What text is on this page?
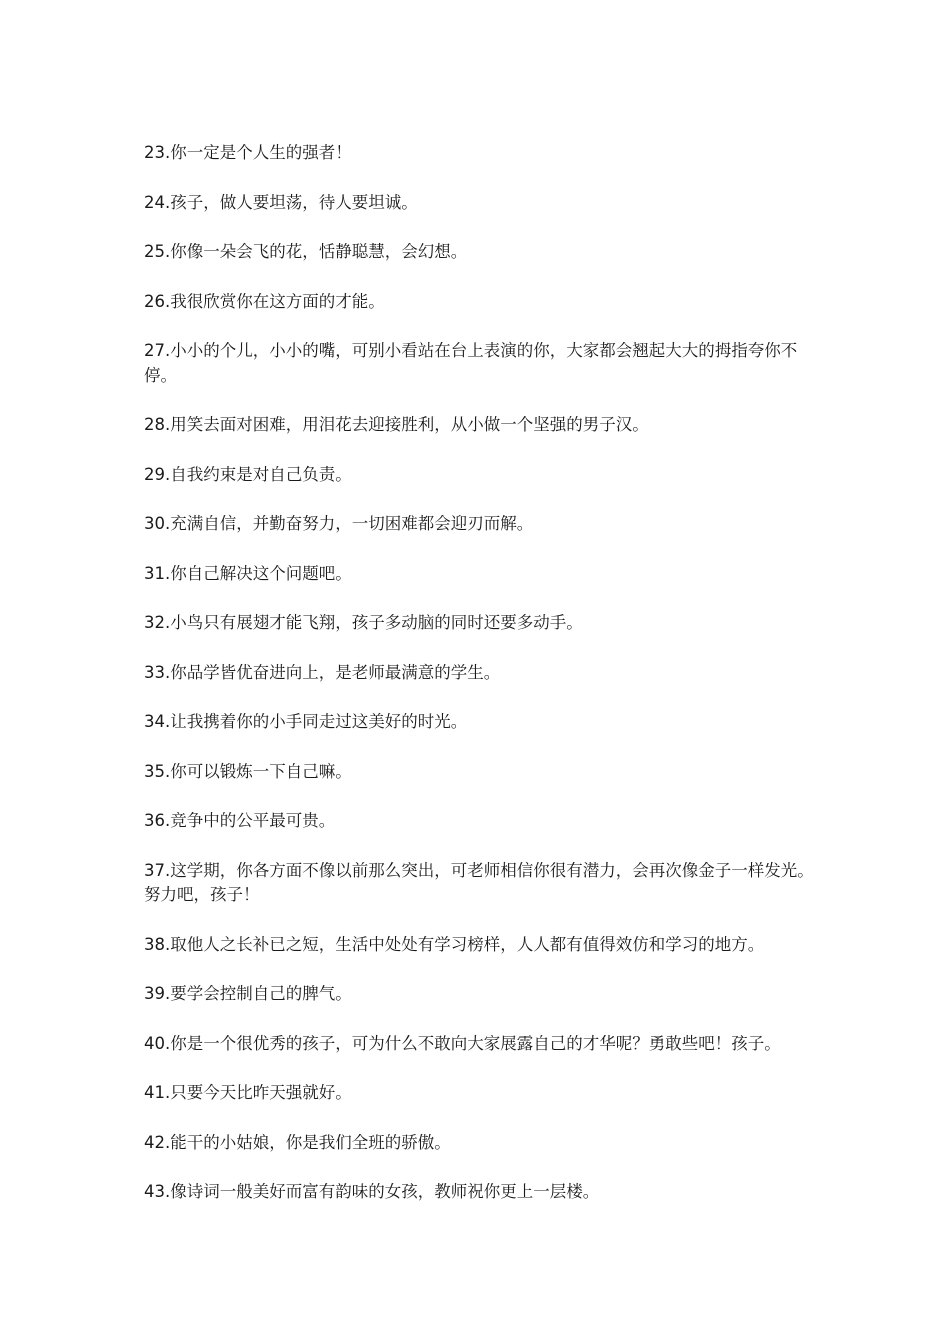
23.你一定是个人生的强者！

24.孩子，做人要坦荡，待人要坦诚。

25.你像一朵会飞的花，恬静聪慧，会幻想。

26.我很欣赏你在这方面的才能。

27.小小的个儿，小小的嘴，可别小看站在台上表演的你，大家都会翘起大大的拇指夸你不停。

28.用笑去面对困难，用泪花去迎接胜利，从小做一个坚强的男子汉。

29.自我约束是对自己负责。

30.充满自信，并勤奋努力，一切困难都会迎刃而解。

31.你自己解决这个问题吧。

32.小鸟只有展翅才能飞翔，孩子多动脑的同时还要多动手。

33.你品学皆优奋进向上，是老师最满意的学生。

34.让我携着你的小手同走过这美好的时光。

35.你可以锻炼一下自己嘛。

36.竞争中的公平最可贵。

37.这学期，你各方面不像以前那么突出，可老师相信你很有潜力，会再次像金子一样发光。努力吧，孩子！

38.取他人之长补已之短，生活中处处有学习榜样，人人都有值得效仿和学习的地方。

39.要学会控制自己的脾气。

40.你是一个很优秀的孩子，可为什么不敢向大家展露自己的才华呢？勇敢些吧！孩子。

41.只要今天比昨天强就好。

42.能干的小姑娘，你是我们全班的骄傲。

43.像诗词一般美好而富有韵味的女孩，教师祝你更上一层楼。
